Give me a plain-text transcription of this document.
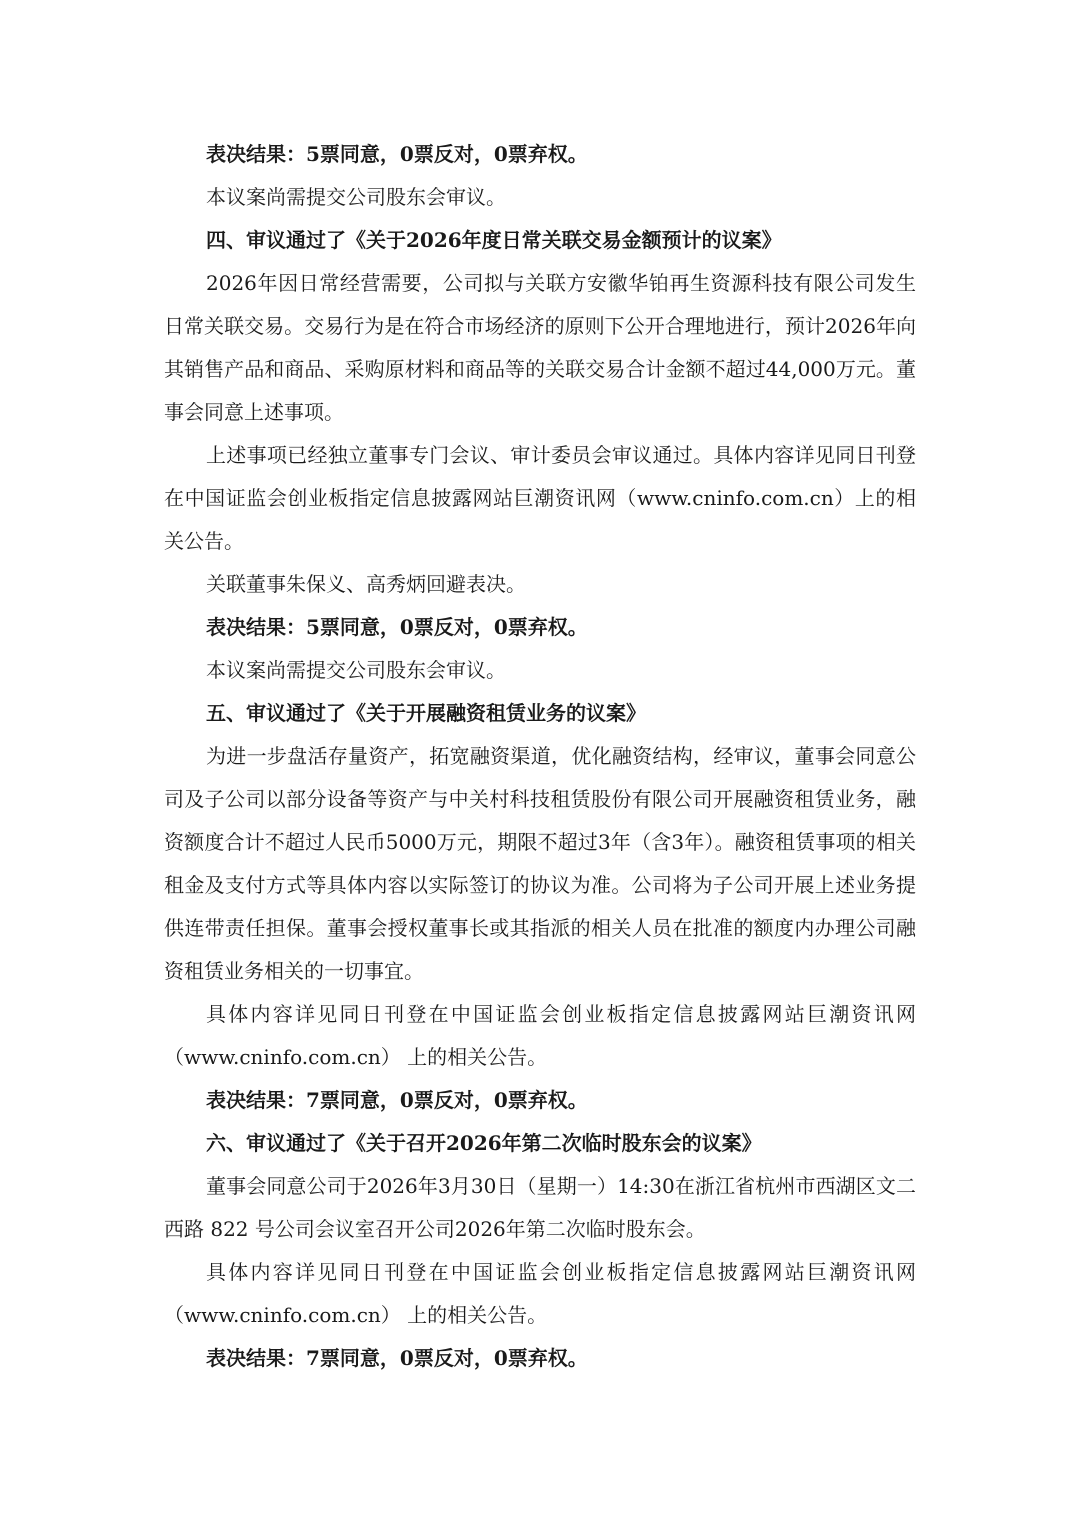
表决结果：5票同意，0票反对，0票弃权。

本议案尚需提交公司股东会审议。

四、审议通过了《关于2026年度日常关联交易金额预计的议案》

2026年因日常经营需要，公司拟与关联方安徽华铂再生资源科技有限公司发生日常关联交易。交易行为是在符合市场经济的原则下公开合理地进行，预计2026年向其销售产品和商品、采购原材料和商品等的关联交易合计金额不超过44,000万元。董事会同意上述事项。

上述事项已经独立董事专门会议、审计委员会审议通过。具体内容详见同日刊登在中国证监会创业板指定信息披露网站巨潮资讯网（www.cninfo.com.cn）上的相关公告。

关联董事朱保义、高秀炳回避表决。

表决结果：5票同意，0票反对，0票弃权。

本议案尚需提交公司股东会审议。

五、审议通过了《关于开展融资租赁业务的议案》

为进一步盘活存量资产，拓宽融资渠道，优化融资结构，经审议，董事会同意公司及子公司以部分设备等资产与中关村科技租赁股份有限公司开展融资租赁业务，融资额度合计不超过人民币5000万元，期限不超过3年（含3年）。融资租赁事项的相关租金及支付方式等具体内容以实际签订的协议为准。公司将为子公司开展上述业务提供连带责任担保。董事会授权董事长或其指派的相关人员在批准的额度内办理公司融资租赁业务相关的一切事宜。

具体内容详见同日刊登在中国证监会创业板指定信息披露网站巨潮资讯网（www.cninfo.com.cn） 上的相关公告。

表决结果：7票同意，0票反对，0票弃权。

六、审议通过了《关于召开2026年第二次临时股东会的议案》

董事会同意公司于2026年3月30日（星期一）14:30在浙江省杭州市西湖区文二西路 822 号公司会议室召开公司2026年第二次临时股东会。

具体内容详见同日刊登在中国证监会创业板指定信息披露网站巨潮资讯网（www.cninfo.com.cn） 上的相关公告。

表决结果：7票同意，0票反对，0票弃权。
